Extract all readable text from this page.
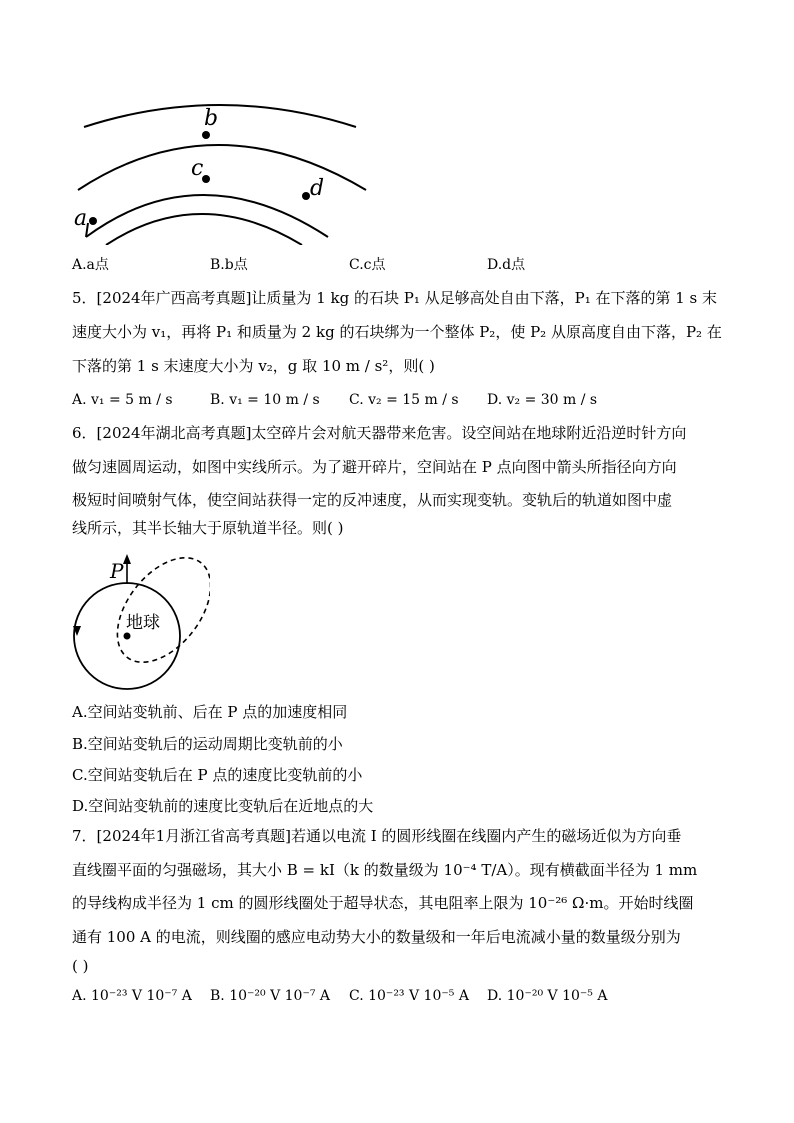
a
b
c
d
A.a点	B.b点	C.c点	D.d点
5．[2024年广西高考真题]让质量为 1 kg 的石块 P₁ 从足够高处自由下落，P₁ 在下落的第 1 s 末
速度大小为 v₁，再将 P₁ 和质量为 2 kg 的石块绑为一个整体 P₂，使 P₂ 从原高度自由下落，P₂ 在
下落的第 1 s 末速度大小为 v₂，g 取 10 m / s²，则( )
A. v₁ = 5 m / s	B. v₁ = 10 m / s C. v₂ = 15 m / s D. v₂ = 30 m / s
6．[2024年湖北高考真题]太空碎片会对航天器带来危害。设空间站在地球附近沿逆时针方向
做匀速圆周运动，如图中实线所示。为了避开碎片，空间站在 P 点向图中箭头所指径向方向
极短时间喷射气体，使空间站获得一定的反冲速度，从而实现变轨。变轨后的轨道如图中虚
线所示，其半长轴大于原轨道半径。则( )
P
地球
A.空间站变轨前、后在 P 点的加速度相同
B.空间站变轨后的运动周期比变轨前的小
C.空间站变轨后在 P 点的速度比变轨前的小
D.空间站变轨前的速度比变轨后在近地点的大
7．[2024年1月浙江省高考真题]若通以电流 I 的圆形线圈在线圈内产生的磁场近似为方向垂
直线圈平面的匀强磁场，其大小 B = kI（k 的数量级为 10⁻⁴ T/A）。现有横截面半径为 1 mm
的导线构成半径为 1 cm 的圆形线圈处于超导状态，其电阻率上限为 10⁻²⁶ Ω·m。开始时线圈
通有 100 A 的电流，则线圈的感应电动势大小的数量级和一年后电流减小量的数量级分别为
( )
A. 10⁻²³ V 10⁻⁷ A B. 10⁻²⁰ V 10⁻⁷ A C. 10⁻²³ V 10⁻⁵ A D. 10⁻²⁰ V 10⁻⁵ A
